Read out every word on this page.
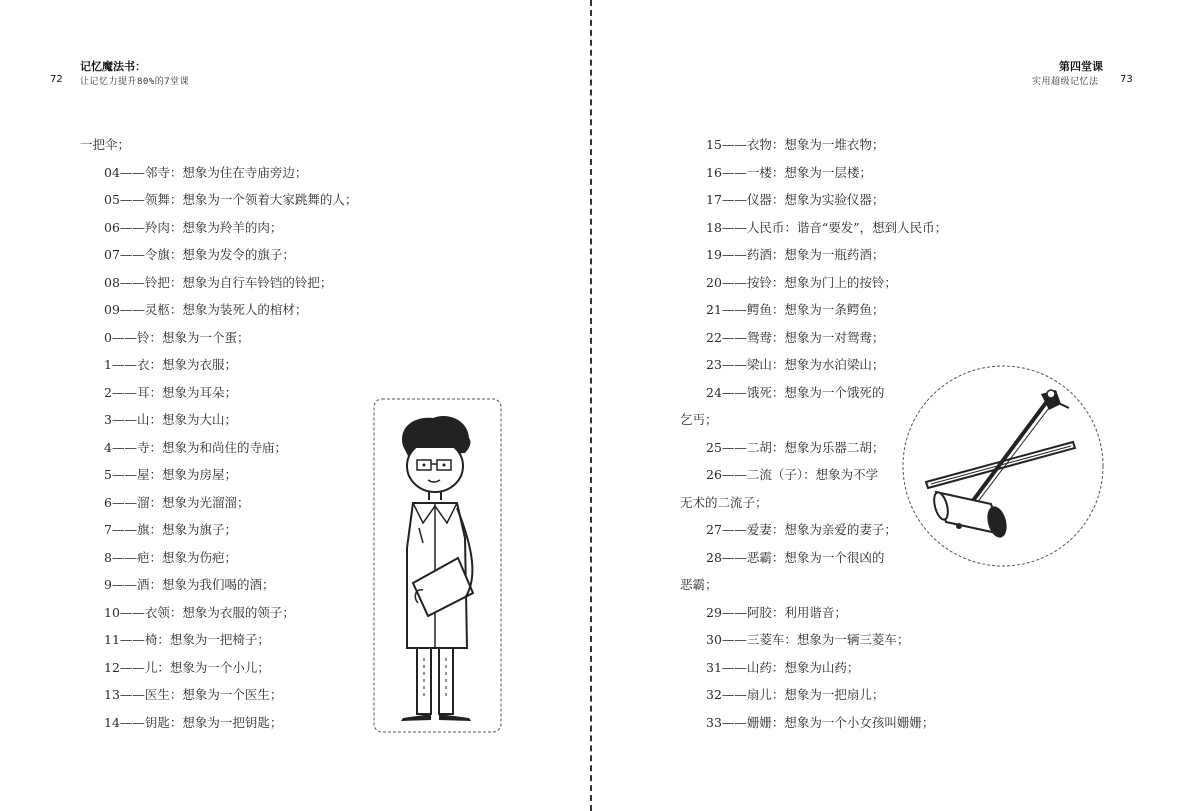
记忆魔法书：
72 让记忆力提升80%的7堂课
一把伞；
04——邻寺：想象为住在寺庙旁边；
05——领舞：想象为一个领着大家跳舞的人；
06——羚肉：想象为羚羊的肉；
07——令旗：想象为发令的旗子；
08——铃把：想象为自行车铃铛的铃把；
09——灵柩：想象为装死人的棺材；
0——铃：想象为一个蛋；
1——衣：想象为衣服；
2——耳：想象为耳朵；
3——山：想象为大山；
4——寺：想象为和尚住的寺庙；
5——屋：想象为房屋；
6——溜：想象为光溜溜；
7——旗：想象为旗子；
8——疤：想象为伤疤；
9——酒：想象为我们喝的酒；
10——衣领：想象为衣服的领子；
11——椅：想象为一把椅子；
12——儿：想象为一个小儿；
13——医生：想象为一个医生；
14——钥匙：想象为一把钥匙；
第四堂课
实用超级记忆法 73
15——衣物：想象为一堆衣物；
16——一楼：想象为一层楼；
17——仪器：想象为实验仪器；
18——人民币：谐音“要发”，想到人民币；
19——药酒：想象为一瓶药酒；
20——按铃：想象为门上的按铃；
21——鳄鱼：想象为一条鳄鱼；
22——鸳鸯：想象为一对鸳鸯；
23——梁山：想象为水泊梁山；
24——饿死：想象为一个饿死的
乞丐；
25——二胡：想象为乐器二胡；
26——二流（子）：想象为不学
无术的二流子；
27——爱妻：想象为亲爱的妻子；
28——恶霸：想象为一个很凶的
恶霸；
29——阿胶：利用谐音；
30——三菱车：想象为一辆三菱车；
31——山药：想象为山药；
32——扇儿：想象为一把扇儿；
33——姗姗：想象为一个小女孩叫姗姗；
